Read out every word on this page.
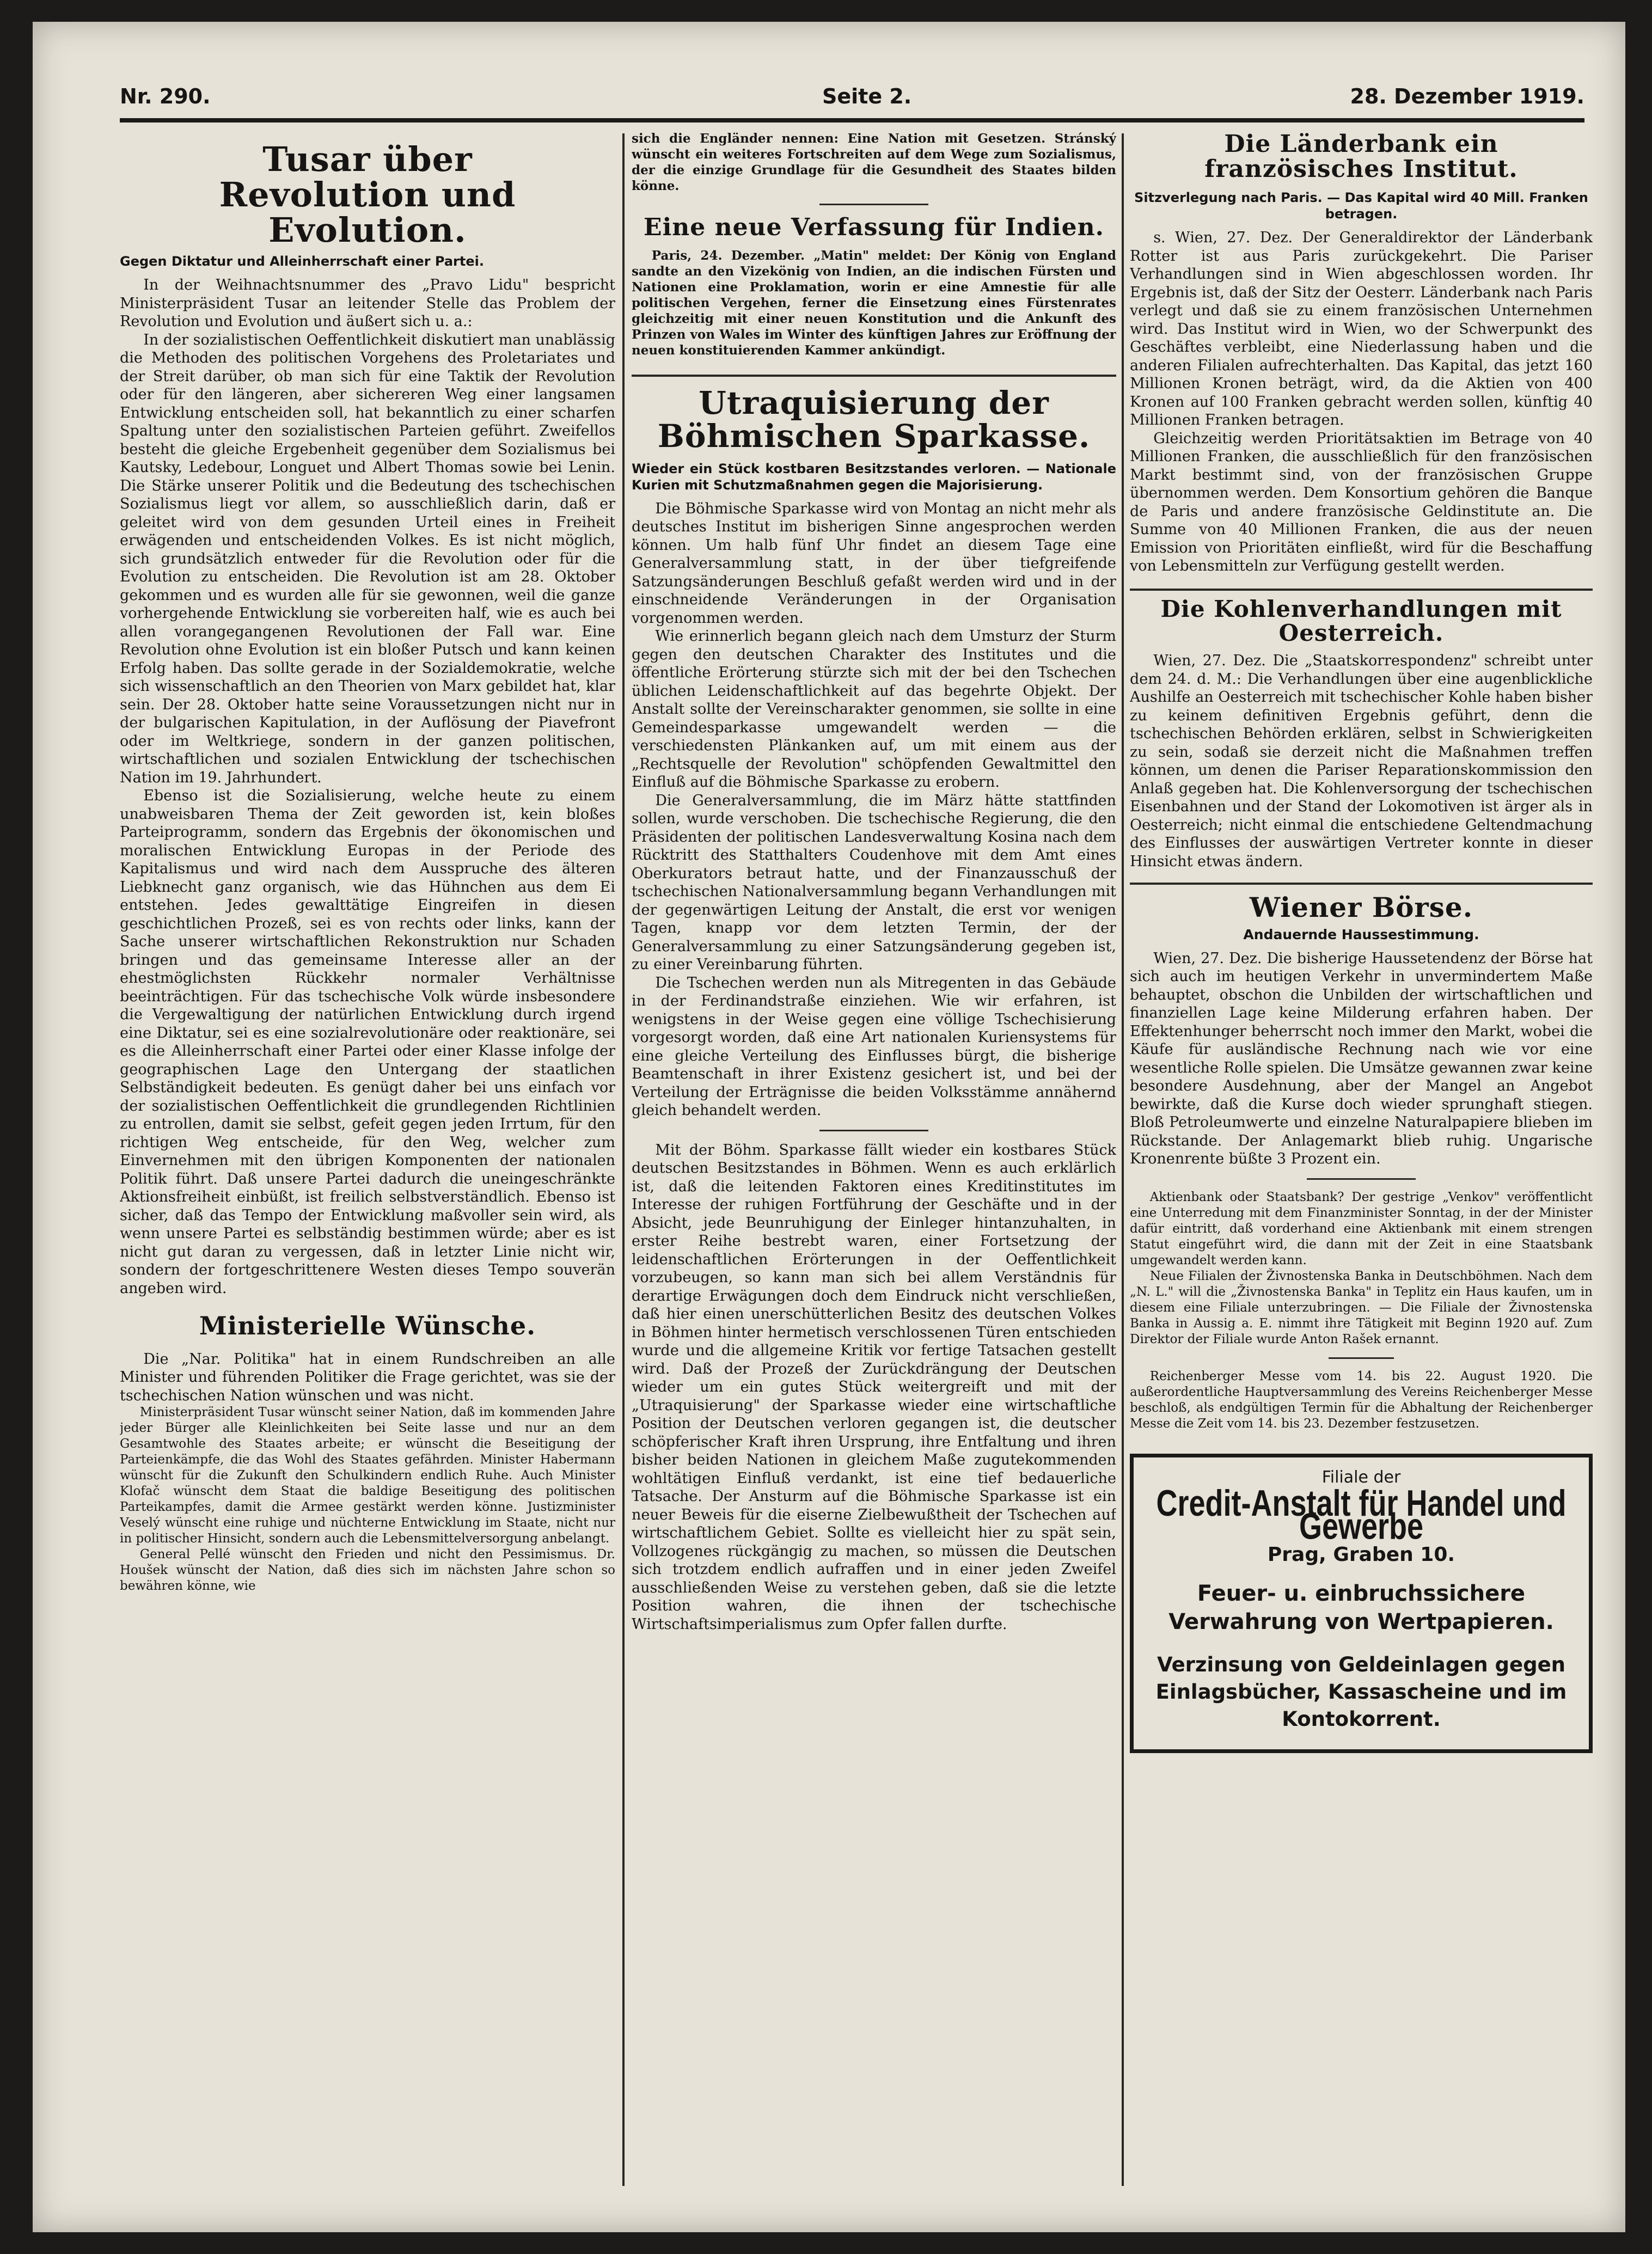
Nr. 290.	Seite 2.	28. Dezember 1919.
Tusar über Revolution und Evolution.
Gegen Diktatur und Alleinherrschaft einer Partei.

In der Weihnachtsnummer des „Pravo Lidu" bespricht Ministerpräsident Tusar an leitender Stelle das Problem der Revolution und Evolution und äußert sich u. a.:

In der sozialistischen Oeffentlichkeit diskutiert man unablässig die Methoden des politischen Vorgehens des Proletariates und der Streit darüber, ob man sich für eine Taktik der Revolution oder für den längeren, aber sichereren Weg einer langsamen Entwicklung entscheiden soll, hat bekanntlich zu einer scharfen Spaltung unter den sozialistischen Parteien geführt. Zweifellos besteht die gleiche Ergebenheit gegenüber dem Sozialismus bei Kautsky, Ledebour, Longuet und Albert Thomas sowie bei Lenin. Die Stärke unserer Politik und die Bedeutung des tschechischen Sozialismus liegt vor allem, so ausschließlich darin, daß er geleitet wird von dem gesunden Urteil eines in Freiheit erwägenden und entscheidenden Volkes. Es ist nicht möglich, sich grundsätzlich entweder für die Revolution oder für die Evolution zu entscheiden. Die Revolution ist am 28. Oktober gekommen und es wurden alle für sie gewonnen, weil die ganze vorhergehende Entwicklung sie vorbereiten half, wie es auch bei allen vorangegangenen Revolutionen der Fall war. Eine Revolution ohne Evolution ist ein bloßer Putsch und kann keinen Erfolg haben. Das sollte gerade in der Sozialdemokratie, welche sich wissenschaftlich an den Theorien von Marx gebildet hat, klar sein. Der 28. Oktober hatte seine Voraussetzungen nicht nur in der bulgarischen Kapitulation, in der Auflösung der Piavefront oder im Weltkriege, sondern in der ganzen politischen, wirtschaftlichen und sozialen Entwicklung der tschechischen Nation im 19. Jahrhundert.

Ebenso ist die Sozialisierung, welche heute zu einem unabweisbaren Thema der Zeit geworden ist, kein bloßes Parteiprogramm, sondern das Ergebnis der ökonomischen und moralischen Entwicklung Europas in der Periode des Kapitalismus und wird nach dem Ausspruche des älteren Liebknecht ganz organisch, wie das Hühnchen aus dem Ei entstehen. Jedes gewalttätige Eingreifen in diesen geschichtlichen Prozeß, sei es von rechts oder links, kann der Sache unserer wirtschaftlichen Rekonstruktion nur Schaden bringen und das gemeinsame Interesse aller an der ehestmöglichsten Rückkehr normaler Verhältnisse beeinträchtigen. Für das tschechische Volk würde insbesondere die Vergewaltigung der natürlichen Entwicklung durch irgend eine Diktatur, sei es eine sozialrevolutionäre oder reaktionäre, sei es die Alleinherrschaft einer Partei oder einer Klasse infolge der geographischen Lage den Untergang der staatlichen Selbständigkeit bedeuten. Es genügt daher bei uns einfach vor der sozialistischen Oeffentlichkeit die grundlegenden Richtlinien zu entrollen, damit sie selbst, gefeit gegen jeden Irrtum, für den richtigen Weg entscheide, für den Weg, welcher zum Einvernehmen mit den übrigen Komponenten der nationalen Politik führt. Daß unsere Partei dadurch die uneingeschränkte Aktionsfreiheit einbüßt, ist freilich selbstverständlich. Ebenso ist sicher, daß das Tempo der Entwicklung maßvoller sein wird, als wenn unsere Partei es selbständig bestimmen würde; aber es ist nicht gut daran zu vergessen, daß in letzter Linie nicht wir, sondern der fortgeschrittenere Westen dieses Tempo souverän angeben wird.

Ministerielle Wünsche.

Die „Nar. Politika" hat in einem Rundschreiben an alle Minister und führenden Politiker die Frage gerichtet, was sie der tschechischen Nation wünschen und was nicht.

Ministerpräsident Tusar wünscht seiner Nation, daß im kommenden Jahre jeder Bürger alle Kleinlichkeiten bei Seite lasse und nur an dem Gesamtwohle des Staates arbeite; er wünscht die Beseitigung der Parteienkämpfe, die das Wohl des Staates gefährden. Minister Habermann wünscht für die Zukunft den Schulkindern endlich Ruhe. Auch Minister Klofač wünscht dem Staat die baldige Beseitigung des politischen Parteikampfes, damit die Armee gestärkt werden könne. Justizminister Veselý wünscht eine ruhige und nüchterne Entwicklung im Staate, nicht nur in politischer Hinsicht, sondern auch die Lebensmittelversorgung anbelangt.

General Pellé wünscht den Frieden und nicht den Pessimismus. Dr. Houšek wünscht der Nation, daß dies sich im nächsten Jahre schon so bewähren könne, wie

sich die Engländer nennen: Eine Nation mit Gesetzen. Stránský wünscht ein weiteres Fortschreiten auf dem Wege zum Sozialismus, der die einzige Grundlage für die Gesundheit des Staates bilden könne.

Eine neue Verfassung für Indien.

Paris, 24. Dezember. „Matin" meldet: Der König von England sandte an den Vizekönig von Indien, an die indischen Fürsten und Nationen eine Proklamation, worin er eine Amnestie für alle politischen Vergehen, ferner die Einsetzung eines Fürstenrates gleichzeitig mit einer neuen Konstitution und die Ankunft des Prinzen von Wales im Winter des künftigen Jahres zur Eröffnung der neuen konstituierenden Kammer ankündigt.

Utraquisierung der Böhmischen Sparkasse.
Wieder ein Stück kostbaren Besitzstandes verloren. — Nationale Kurien mit Schutzmaßnahmen gegen die Majorisierung.

Die Böhmische Sparkasse wird von Montag an nicht mehr als deutsches Institut im bisherigen Sinne angesprochen werden können. Um halb fünf Uhr findet an diesem Tage eine Generalversammlung statt, in der über tiefgreifende Satzungsänderungen Beschluß gefaßt werden wird und in der einschneidende Veränderungen in der Organisation vorgenommen werden.

Wie erinnerlich begann gleich nach dem Umsturz der Sturm gegen den deutschen Charakter des Institutes und die öffentliche Erörterung stürzte sich mit der bei den Tschechen üblichen Leidenschaftlichkeit auf das begehrte Objekt. Der Anstalt sollte der Vereinscharakter genommen, sie sollte in eine Gemeindesparkasse umgewandelt werden — die verschiedensten Plänkanken auf, um mit einem aus der „Rechtsquelle der Revolution" schöpfenden Gewaltmittel den Einfluß auf die Böhmische Sparkasse zu erobern.

Die Generalversammlung, die im März hätte stattfinden sollen, wurde verschoben. Die tschechische Regierung, die den Präsidenten der politischen Landesverwaltung Kosina nach dem Rücktritt des Statthalters Coudenhove mit dem Amt eines Oberkurators betraut hatte, und der Finanzausschuß der tschechischen Nationalversammlung begann Verhandlungen mit der gegenwärtigen Leitung der Anstalt, die erst vor wenigen Tagen, knapp vor dem letzten Termin, der der Generalversammlung zu einer Satzungsänderung gegeben ist, zu einer Vereinbarung führten.

Die Tschechen werden nun als Mitregenten in das Gebäude in der Ferdinandstraße einziehen. Wie wir erfahren, ist wenigstens in der Weise gegen eine völlige Tschechisierung vorgesorgt worden, daß eine Art nationalen Kuriensystems für eine gleiche Verteilung des Einflusses bürgt, die bisherige Beamtenschaft in ihrer Existenz gesichert ist, und bei der Verteilung der Erträgnisse die beiden Volksstämme annähernd gleich behandelt werden.

Mit der Böhm. Sparkasse fällt wieder ein kostbares Stück deutschen Besitzstandes in Böhmen. Wenn es auch erklärlich ist, daß die leitenden Faktoren eines Kreditinstitutes im Interesse der ruhigen Fortführung der Geschäfte und in der Absicht, jede Beunruhigung der Einleger hintanzuhalten, in erster Reihe bestrebt waren, einer Fortsetzung der leidenschaftlichen Erörterungen in der Oeffentlichkeit vorzubeugen, so kann man sich bei allem Verständnis für derartige Erwägungen doch dem Eindruck nicht verschließen, daß hier einen unerschütterlichen Besitz des deutschen Volkes in Böhmen hinter hermetisch verschlossenen Türen entschieden wurde und die allgemeine Kritik vor fertige Tatsachen gestellt wird. Daß der Prozeß der Zurückdrängung der Deutschen wieder um ein gutes Stück weitergreift und mit der „Utraquisierung" der Sparkasse wieder eine wirtschaftliche Position der Deutschen verloren gegangen ist, die deutscher schöpferischer Kraft ihren Ursprung, ihre Entfaltung und ihren bisher beiden Nationen in gleichem Maße zugutekommenden wohltätigen Einfluß verdankt, ist eine tief bedauerliche Tatsache. Der Ansturm auf die Böhmische Sparkasse ist ein neuer Beweis für die eiserne Zielbewußtheit der Tschechen auf wirtschaftlichem Gebiet. Sollte es vielleicht hier zu spät sein, Vollzogenes rückgängig zu machen, so müssen die Deutschen sich trotzdem endlich aufraffen und in einer jeden Zweifel ausschließenden Weise zu verstehen geben, daß sie die letzte Position wahren, die ihnen der tschechische Wirtschaftsimperialismus zum Opfer fallen durfte.

Die Länderbank ein französisches Institut.
Sitzverlegung nach Paris. — Das Kapital wird 40 Mill. Franken betragen.

s. Wien, 27. Dez. Der Generaldirektor der Länderbank Rotter ist aus Paris zurückgekehrt. Die Pariser Verhandlungen sind in Wien abgeschlossen worden. Ihr Ergebnis ist, daß der Sitz der Oesterr. Länderbank nach Paris verlegt und daß sie zu einem französischen Unternehmen wird. Das Institut wird in Wien, wo der Schwerpunkt des Geschäftes verbleibt, eine Niederlassung haben und die anderen Filialen aufrechterhalten. Das Kapital, das jetzt 160 Millionen Kronen beträgt, wird, da die Aktien von 400 Kronen auf 100 Franken gebracht werden sollen, künftig 40 Millionen Franken betragen.

Gleichzeitig werden Prioritätsaktien im Betrage von 40 Millionen Franken, die ausschließlich für den französischen Markt bestimmt sind, von der französischen Gruppe übernommen werden. Dem Konsortium gehören die Banque de Paris und andere französische Geldinstitute an. Die Summe von 40 Millionen Franken, die aus der neuen Emission von Prioritäten einfließt, wird für die Beschaffung von Lebensmitteln zur Verfügung gestellt werden.

Die Kohlenverhandlungen mit Oesterreich.

Wien, 27. Dez. Die „Staatskorrespondenz" schreibt unter dem 24. d. M.: Die Verhandlungen über eine augenblickliche Aushilfe an Oesterreich mit tschechischer Kohle haben bisher zu keinem definitiven Ergebnis geführt, denn die tschechischen Behörden erklären, selbst in Schwierigkeiten zu sein, sodaß sie derzeit nicht die Maßnahmen treffen können, um denen die Pariser Reparationskommission den Anlaß gegeben hat. Die Kohlenversorgung der tschechischen Eisenbahnen und der Stand der Lokomotiven ist ärger als in Oesterreich; nicht einmal die entschiedene Geltendmachung des Einflusses der auswärtigen Vertreter konnte in dieser Hinsicht etwas ändern.

Wiener Börse.
Andauernde Haussestimmung.

Wien, 27. Dez. Die bisherige Haussetendenz der Börse hat sich auch im heutigen Verkehr in unvermindertem Maße behauptet, obschon die Unbilden der wirtschaftlichen und finanziellen Lage keine Milderung erfahren haben. Der Effektenhunger beherrscht noch immer den Markt, wobei die Käufe für ausländische Rechnung nach wie vor eine wesentliche Rolle spielen. Die Umsätze gewannen zwar keine besondere Ausdehnung, aber der Mangel an Angebot bewirkte, daß die Kurse doch wieder sprunghaft stiegen. Bloß Petroleumwerte und einzelne Naturalpapiere blieben im Rückstande. Der Anlagemarkt blieb ruhig. Ungarische Kronenrente büßte 3 Prozent ein.

Aktienbank oder Staatsbank? Der gestrige „Venkov" veröffentlicht eine Unterredung mit dem Finanzminister Sonntag, in der der Minister dafür eintritt, daß vorderhand eine Aktienbank mit einem strengen Statut eingeführt wird, die dann mit der Zeit in eine Staatsbank umgewandelt werden kann.

Neue Filialen der Živnostenska Banka in Deutschböhmen. Nach dem „N. L." will die „Živnostenska Banka" in Teplitz ein Haus kaufen, um in diesem eine Filiale unterzubringen. — Die Filiale der Živnostenska Banka in Aussig a. E. nimmt ihre Tätigkeit mit Beginn 1920 auf. Zum Direktor der Filiale wurde Anton Rašek ernannt.

Reichenberger Messe vom 14. bis 22. August 1920. Die außerordentliche Hauptversammlung des Vereins Reichenberger Messe beschloß, als endgültigen Termin für die Abhaltung der Reichenberger Messe die Zeit vom 14. bis 23. Dezember festzusetzen.

Filiale der
Credit-Anstalt für Handel und Gewerbe
Prag, Graben 10.
Feuer- u. einbruchssichere Verwahrung von Wertpapieren.
Verzinsung von Geldeinlagen gegen Einlagsbücher, Kassascheine und im Kontokorrent.
